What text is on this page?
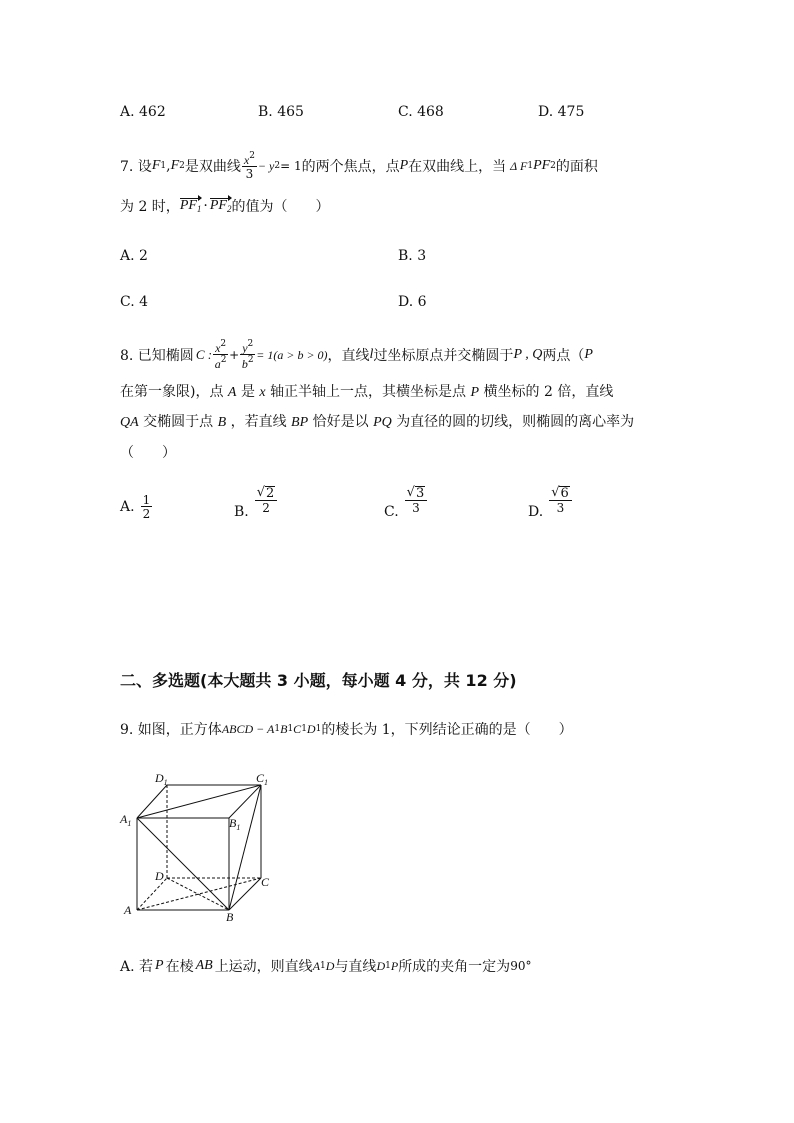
A. 462	B. 465	C. 468	D. 475
7. 设 F 1 , F 2 是双曲线 $\frac{x^2}{3} - y$ 2 = 1 的两个焦点，点 P 在双曲线上，当 Δ F 1 PF 2 的面积
为 2 时， $PF_1 \cdot PF_2$ 的值为（　　）
A. 2	B. 3
C. 4	D. 6
8. 已知椭圆 C : $\frac{x^2}{a^2} + \frac{y^2}{b^2} = 1(a > b > 0)$ ，直线 l 过坐标原点并交椭圆于 P , Q 两点（ P
在第一象限)，点 A 是 x 轴正半轴上一点，其横坐标是点 P 横坐标的 2 倍，直线
QA 交椭圆于点 B ，若直线 BP 恰好是以 PQ 为直径的圆的切线，则椭圆的离心率为
（　　）
A. $\frac{1}{2}$	B. $\frac{√ 2}{2}$	C. $\frac{√ 3}{3}$	D. $\frac{√ 6}{3}$
二、多选题(本大题共 3 小题，每小题 4 分，共 12 分)
9. 如图，正方体 ABCD − A 1 B 1 C 1 D 1 的棱长为 1，下列结论正确的是（　　）
$D_1$	$C_1$
$A_1$	$B_1$
D	C
A	B
A. 若 P 在棱 AB 上运动，则直线 A 1 D 与直线 D 1 P 所成的夹角一定为 90°
